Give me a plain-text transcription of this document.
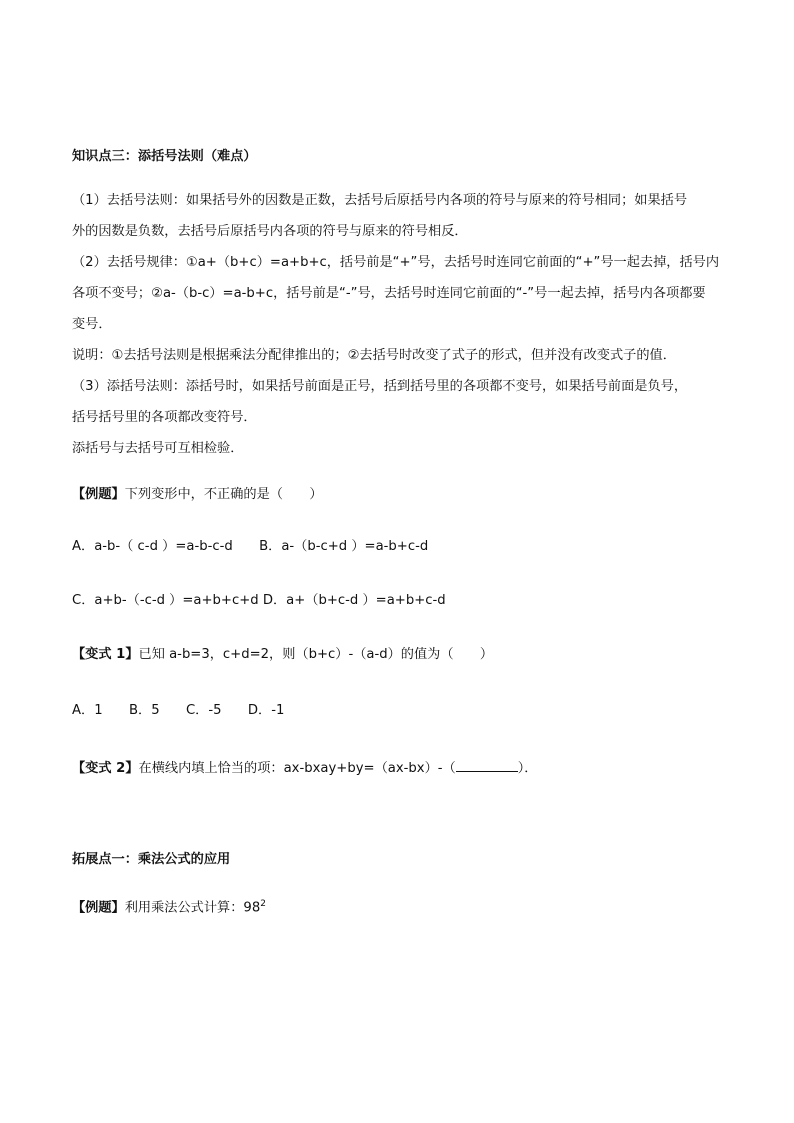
知识点三：添括号法则（难点）
（1）去括号法则：如果括号外的因数是正数，去括号后原括号内各项的符号与原来的符号相同；如果括号
外的因数是负数，去括号后原括号内各项的符号与原来的符号相反．
（2）去括号规律：①a+（b+c）=a+b+c，括号前是“+”号，去括号时连同它前面的“+”号一起去掉，括号内
各项不变号；②a-（b-c）=a-b+c，括号前是“-”号，去括号时连同它前面的“-”号一起去掉，括号内各项都要
变号．
说明：①去括号法则是根据乘法分配律推出的；②去括号时改变了式子的形式，但并没有改变式子的值．
（3）添括号法则：添括号时，如果括号前面是正号，括到括号里的各项都不变号，如果括号前面是负号，
括号括号里的各项都改变符号．
添括号与去括号可互相检验．
【例题】下列变形中，不正确的是（　　）
A．a-b-（ c-d ）=a-b-c-d　　B．a-（b-c+d ）=a-b+c-d
C．a+b-（-c-d ）=a+b+c+d D．a+（b+c-d ）=a+b+c-d
【变式 1】已知 a-b=3，c+d=2，则（b+c）-（a-d）的值为（　　）
A．1　　B．5　　C．-5　　D．-1
【变式 2】在横线内填上恰当的项：ax-bxay+by=（ax-bx）-（	）．
拓展点一：乘法公式的应用
【例题】利用乘法公式计算：$98^2$
